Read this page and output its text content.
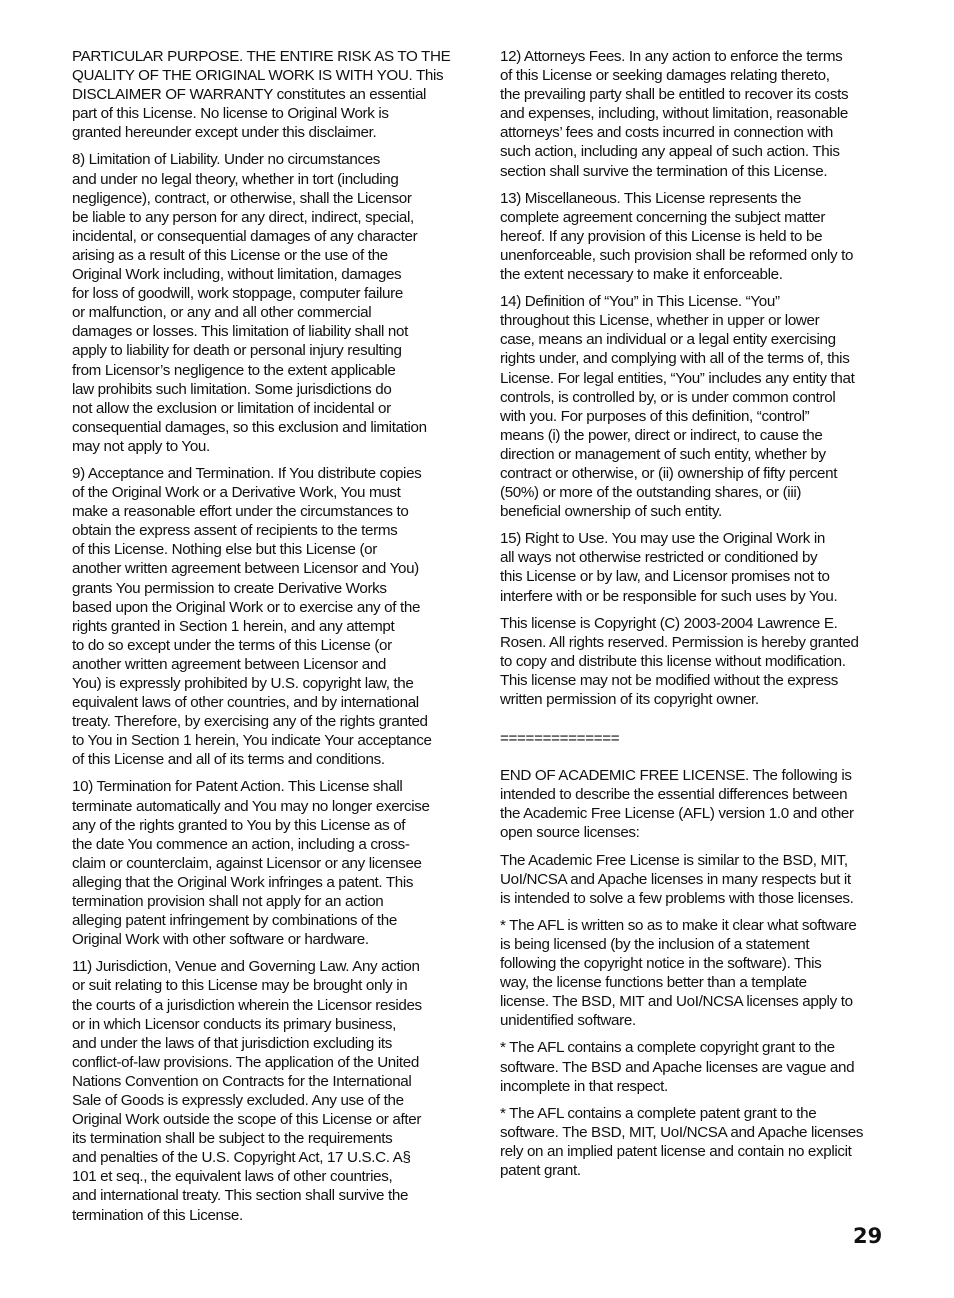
PARTICULAR PURPOSE. THE ENTIRE RISK AS TO THE
QUALITY OF THE ORIGINAL WORK IS WITH YOU. This
DISCLAIMER OF WARRANTY constitutes an essential
part of this License. No license to Original Work is
granted hereunder except under this disclaimer.

8) Limitation of Liability. Under no circumstances
and under no legal theory, whether in tort (including
negligence), contract, or otherwise, shall the Licensor
be liable to any person for any direct, indirect, special,
incidental, or consequential damages of any character
arising as a result of this License or the use of the
Original Work including, without limitation, damages
for loss of goodwill, work stoppage, computer failure
or malfunction, or any and all other commercial
damages or losses. This limitation of liability shall not
apply to liability for death or personal injury resulting
from Licensor’s negligence to the extent applicable
law prohibits such limitation. Some jurisdictions do
not allow the exclusion or limitation of incidental or
consequential damages, so this exclusion and limitation
may not apply to You.

9) Acceptance and Termination. If You distribute copies
of the Original Work or a Derivative Work, You must
make a reasonable effort under the circumstances to
obtain the express assent of recipients to the terms
of this License. Nothing else but this License (or
another written agreement between Licensor and You)
grants You permission to create Derivative Works
based upon the Original Work or to exercise any of the
rights granted in Section 1 herein, and any attempt
to do so except under the terms of this License (or
another written agreement between Licensor and
You) is expressly prohibited by U.S. copyright law, the
equivalent laws of other countries, and by international
treaty. Therefore, by exercising any of the rights granted
to You in Section 1 herein, You indicate Your acceptance
of this License and all of its terms and conditions.

10) Termination for Patent Action. This License shall
terminate automatically and You may no longer exercise
any of the rights granted to You by this License as of
the date You commence an action, including a cross-
claim or counterclaim, against Licensor or any licensee
alleging that the Original Work infringes a patent. This
termination provision shall not apply for an action
alleging patent infringement by combinations of the
Original Work with other software or hardware.

11) Jurisdiction, Venue and Governing Law. Any action
or suit relating to this License may be brought only in
the courts of a jurisdiction wherein the Licensor resides
or in which Licensor conducts its primary business,
and under the laws of that jurisdiction excluding its
conflict-of-law provisions. The application of the United
Nations Convention on Contracts for the International
Sale of Goods is expressly excluded. Any use of the
Original Work outside the scope of this License or after
its termination shall be subject to the requirements
and penalties of the U.S. Copyright Act, 17 U.S.C. A§
101 et seq., the equivalent laws of other countries,
and international treaty. This section shall survive the
termination of this License.

12) Attorneys Fees. In any action to enforce the terms
of this License or seeking damages relating thereto,
the prevailing party shall be entitled to recover its costs
and expenses, including, without limitation, reasonable
attorneys’ fees and costs incurred in connection with
such action, including any appeal of such action. This
section shall survive the termination of this License.

13) Miscellaneous. This License represents the
complete agreement concerning the subject matter
hereof. If any provision of this License is held to be
unenforceable, such provision shall be reformed only to
the extent necessary to make it enforceable.

14) Definition of “You” in This License. “You”
throughout this License, whether in upper or lower
case, means an individual or a legal entity exercising
rights under, and complying with all of the terms of, this
License. For legal entities, “You” includes any entity that
controls, is controlled by, or is under common control
with you. For purposes of this definition, “control”
means (i) the power, direct or indirect, to cause the
direction or management of such entity, whether by
contract or otherwise, or (ii) ownership of fifty percent
(50%) or more of the outstanding shares, or (iii)
beneficial ownership of such entity.

15) Right to Use. You may use the Original Work in
all ways not otherwise restricted or conditioned by
this License or by law, and Licensor promises not to
interfere with or be responsible for such uses by You.

This license is Copyright (C) 2003-2004 Lawrence E.
Rosen. All rights reserved. Permission is hereby granted
to copy and distribute this license without modification.
This license may not be modified without the express
written permission of its copyright owner.

==============

END OF ACADEMIC FREE LICENSE. The following is
intended to describe the essential differences between
the Academic Free License (AFL) version 1.0 and other
open source licenses:

The Academic Free License is similar to the BSD, MIT,
UoI/NCSA and Apache licenses in many respects but it
is intended to solve a few problems with those licenses.

* The AFL is written so as to make it clear what software
is being licensed (by the inclusion of a statement
following the copyright notice in the software). This
way, the license functions better than a template
license. The BSD, MIT and UoI/NCSA licenses apply to
unidentified software.

* The AFL contains a complete copyright grant to the
software. The BSD and Apache licenses are vague and
incomplete in that respect.

* The AFL contains a complete patent grant to the
software. The BSD, MIT, UoI/NCSA and Apache licenses
rely on an implied patent license and contain no explicit
patent grant.

29
